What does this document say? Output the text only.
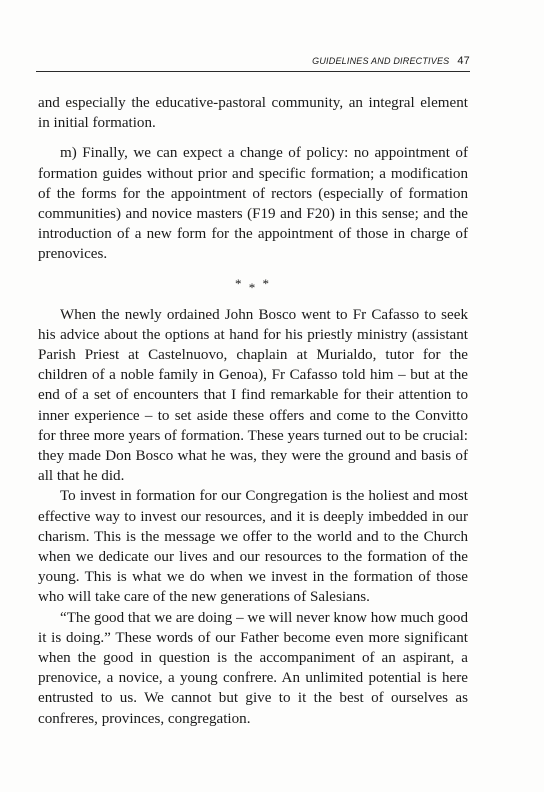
GUIDELINES AND DIRECTIVES 47

and especially the educative-pastoral community, an integral element in initial formation.

m) Finally, we can expect a change of policy: no appointment of formation guides without prior and specific formation; a modification of the forms for the appointment of rectors (especially of formation communities) and novice masters (F19 and F20) in this sense; and the introduction of a new form for the appointment of those in charge of prenovices.

* * *

When the newly ordained John Bosco went to Fr Cafasso to seek his advice about the options at hand for his priestly ministry (assistant Parish Priest at Castelnuovo, chaplain at Murialdo, tutor for the children of a noble family in Genoa), Fr Cafasso told him – but at the end of a set of encounters that I find remarkable for their attention to inner experience – to set aside these offers and come to the Convitto for three more years of formation. These years turned out to be crucial: they made Don Bosco what he was, they were the ground and basis of all that he did.

To invest in formation for our Congregation is the holiest and most effective way to invest our resources, and it is deeply imbedded in our charism. This is the message we offer to the world and to the Church when we dedicate our lives and our resources to the formation of the young. This is what we do when we invest in the formation of those who will take care of the new generations of Salesians.

“The good that we are doing – we will never know how much good it is doing.” These words of our Father become even more significant when the good in question is the accompaniment of an aspirant, a prenovice, a novice, a young confrere. An unlimited potential is here entrusted to us. We cannot but give to it the best of ourselves as confreres, provinces, congregation.
